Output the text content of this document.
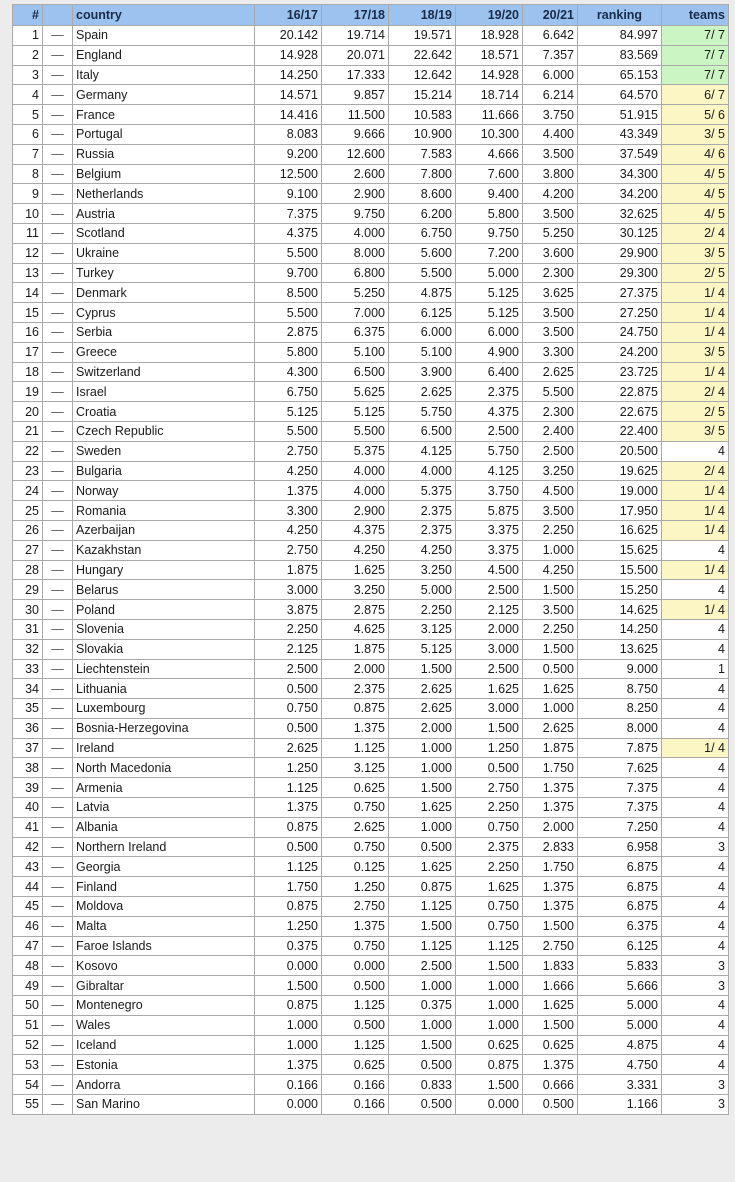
#		country	16/17	17/18	18/19	19/20	20/21	ranking	teams
1	—	Spain	20.142	19.714	19.571	18.928	6.642	84.997	7/ 7
2	—	England	14.928	20.071	22.642	18.571	7.357	83.569	7/ 7
3	—	Italy	14.250	17.333	12.642	14.928	6.000	65.153	7/ 7
4	—	Germany	14.571	9.857	15.214	18.714	6.214	64.570	6/ 7
5	—	France	14.416	11.500	10.583	11.666	3.750	51.915	5/ 6
6	—	Portugal	8.083	9.666	10.900	10.300	4.400	43.349	3/ 5
7	—	Russia	9.200	12.600	7.583	4.666	3.500	37.549	4/ 6
8	—	Belgium	12.500	2.600	7.800	7.600	3.800	34.300	4/ 5
9	—	Netherlands	9.100	2.900	8.600	9.400	4.200	34.200	4/ 5
10	—	Austria	7.375	9.750	6.200	5.800	3.500	32.625	4/ 5
11	—	Scotland	4.375	4.000	6.750	9.750	5.250	30.125	2/ 4
12	—	Ukraine	5.500	8.000	5.600	7.200	3.600	29.900	3/ 5
13	—	Turkey	9.700	6.800	5.500	5.000	2.300	29.300	2/ 5
14	—	Denmark	8.500	5.250	4.875	5.125	3.625	27.375	1/ 4
15	—	Cyprus	5.500	7.000	6.125	5.125	3.500	27.250	1/ 4
16	—	Serbia	2.875	6.375	6.000	6.000	3.500	24.750	1/ 4
17	—	Greece	5.800	5.100	5.100	4.900	3.300	24.200	3/ 5
18	—	Switzerland	4.300	6.500	3.900	6.400	2.625	23.725	1/ 4
19	—	Israel	6.750	5.625	2.625	2.375	5.500	22.875	2/ 4
20	—	Croatia	5.125	5.125	5.750	4.375	2.300	22.675	2/ 5
21	—	Czech Republic	5.500	5.500	6.500	2.500	2.400	22.400	3/ 5
22	—	Sweden	2.750	5.375	4.125	5.750	2.500	20.500	4
23	—	Bulgaria	4.250	4.000	4.000	4.125	3.250	19.625	2/ 4
24	—	Norway	1.375	4.000	5.375	3.750	4.500	19.000	1/ 4
25	—	Romania	3.300	2.900	2.375	5.875	3.500	17.950	1/ 4
26	—	Azerbaijan	4.250	4.375	2.375	3.375	2.250	16.625	1/ 4
27	—	Kazakhstan	2.750	4.250	4.250	3.375	1.000	15.625	4
28	—	Hungary	1.875	1.625	3.250	4.500	4.250	15.500	1/ 4
29	—	Belarus	3.000	3.250	5.000	2.500	1.500	15.250	4
30	—	Poland	3.875	2.875	2.250	2.125	3.500	14.625	1/ 4
31	—	Slovenia	2.250	4.625	3.125	2.000	2.250	14.250	4
32	—	Slovakia	2.125	1.875	5.125	3.000	1.500	13.625	4
33	—	Liechtenstein	2.500	2.000	1.500	2.500	0.500	9.000	1
34	—	Lithuania	0.500	2.375	2.625	1.625	1.625	8.750	4
35	—	Luxembourg	0.750	0.875	2.625	3.000	1.000	8.250	4
36	—	Bosnia-Herzegovina	0.500	1.375	2.000	1.500	2.625	8.000	4
37	—	Ireland	2.625	1.125	1.000	1.250	1.875	7.875	1/ 4
38	—	North Macedonia	1.250	3.125	1.000	0.500	1.750	7.625	4
39	—	Armenia	1.125	0.625	1.500	2.750	1.375	7.375	4
40	—	Latvia	1.375	0.750	1.625	2.250	1.375	7.375	4
41	—	Albania	0.875	2.625	1.000	0.750	2.000	7.250	4
42	—	Northern Ireland	0.500	0.750	0.500	2.375	2.833	6.958	3
43	—	Georgia	1.125	0.125	1.625	2.250	1.750	6.875	4
44	—	Finland	1.750	1.250	0.875	1.625	1.375	6.875	4
45	—	Moldova	0.875	2.750	1.125	0.750	1.375	6.875	4
46	—	Malta	1.250	1.375	1.500	0.750	1.500	6.375	4
47	—	Faroe Islands	0.375	0.750	1.125	1.125	2.750	6.125	4
48	—	Kosovo	0.000	0.000	2.500	1.500	1.833	5.833	3
49	—	Gibraltar	1.500	0.500	1.000	1.000	1.666	5.666	3
50	—	Montenegro	0.875	1.125	0.375	1.000	1.625	5.000	4
51	—	Wales	1.000	0.500	1.000	1.000	1.500	5.000	4
52	—	Iceland	1.000	1.125	1.500	0.625	0.625	4.875	4
53	—	Estonia	1.375	0.625	0.500	0.875	1.375	4.750	4
54	—	Andorra	0.166	0.166	0.833	1.500	0.666	3.331	3
55	—	San Marino	0.000	0.166	0.500	0.000	0.500	1.166	3
